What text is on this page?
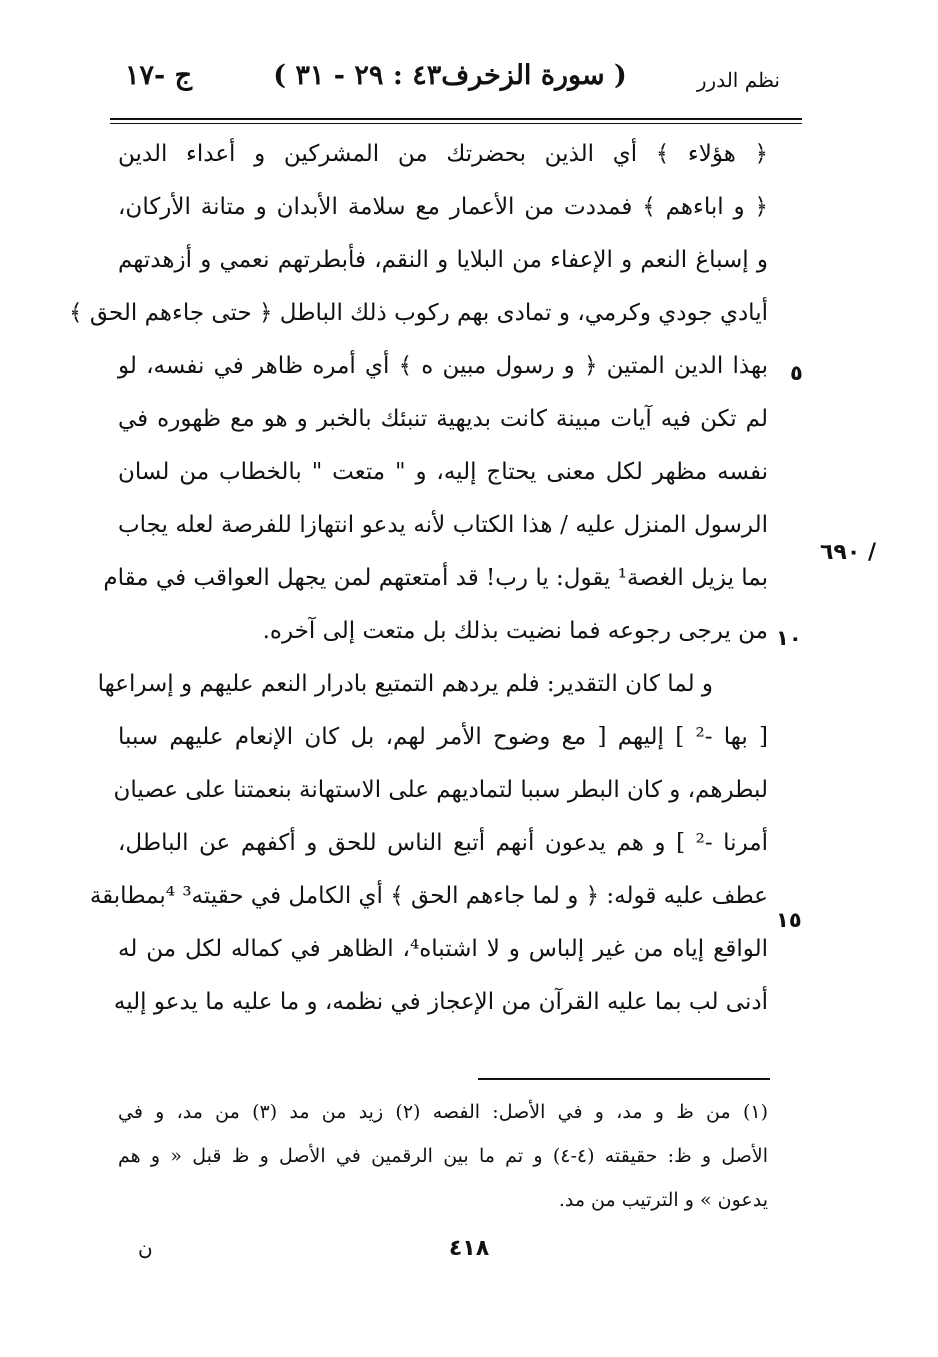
نظم الدرر
( سورة الزخرف٤٣ : ٢٩ - ٣١ )
ج -١٧
٦٩٠ /
٥
١٠
١٥
﴿ هؤلاء ﴾ أي الذين بحضرتك من المشركين و أعداء الدين
﴿ و اباءهم ﴾ فمددت من الأعمار مع سلامة الأبدان و متانة الأركان،
و إسباغ النعم و الإعفاء من البلايا و النقم، فأبطرتهم نعمي و أزهدتهم
أيادي جودي وكرمي، و تمادى بهم ركوب ذلك الباطل ﴿ حتى جاءهم الحق ﴾
بهذا الدين المتين ﴿ و رسول مبين ه ﴾ أي أمره ظاهر في نفسه، لو
لم تكن فيه آيات مبينة كانت بديهية تنبئك بالخبر و هو مع ظهوره في
نفسه مظهر لكل معنى يحتاج إليه، و " متعت " بالخطاب من لسان
الرسول المنزل عليه / هذا الكتاب لأنه يدعو انتهازا للفرصة لعله يجاب
بما يزيل الغصة¹ يقول: يا رب! قد أمتعتهم لمن يجهل العواقب في مقام
من يرجى رجوعه فما نضيت بذلك بل متعت إلى آخره.
و لما كان التقدير: فلم يردهم التمتيع بادرار النعم عليهم و إسراعها
[ بها -² ] إليهم [ مع وضوح الأمر لهم، بل كان الإنعام عليهم سببا
لبطرهم، و كان البطر سببا لتماديهم على الاستهانة بنعمتنا على عصيان
أمرنا -² ] و هم يدعون أنهم أتبع الناس للحق و أكفهم عن الباطل،
عطف عليه قوله: ﴿ و لما جاءهم الحق ﴾ أي الكامل في حقيته³ ⁴بمطابقة
الواقع إياه من غير إلباس و لا اشتباه⁴، الظاهر في كماله لكل من له
أدنى لب بما عليه القرآن من الإعجاز في نظمه، و ما عليه ما يدعو إليه
(١) من ظ و مد، و في الأصل: الفصه (٢) زيد من مد (٣) من مد، و في
الأصل و ظ: حقيقته (٤-٤) و تم ما بين الرقمين في الأصل و ظ قبل « و هم
يدعون » و الترتيب من مد.
٤١٨
ن
